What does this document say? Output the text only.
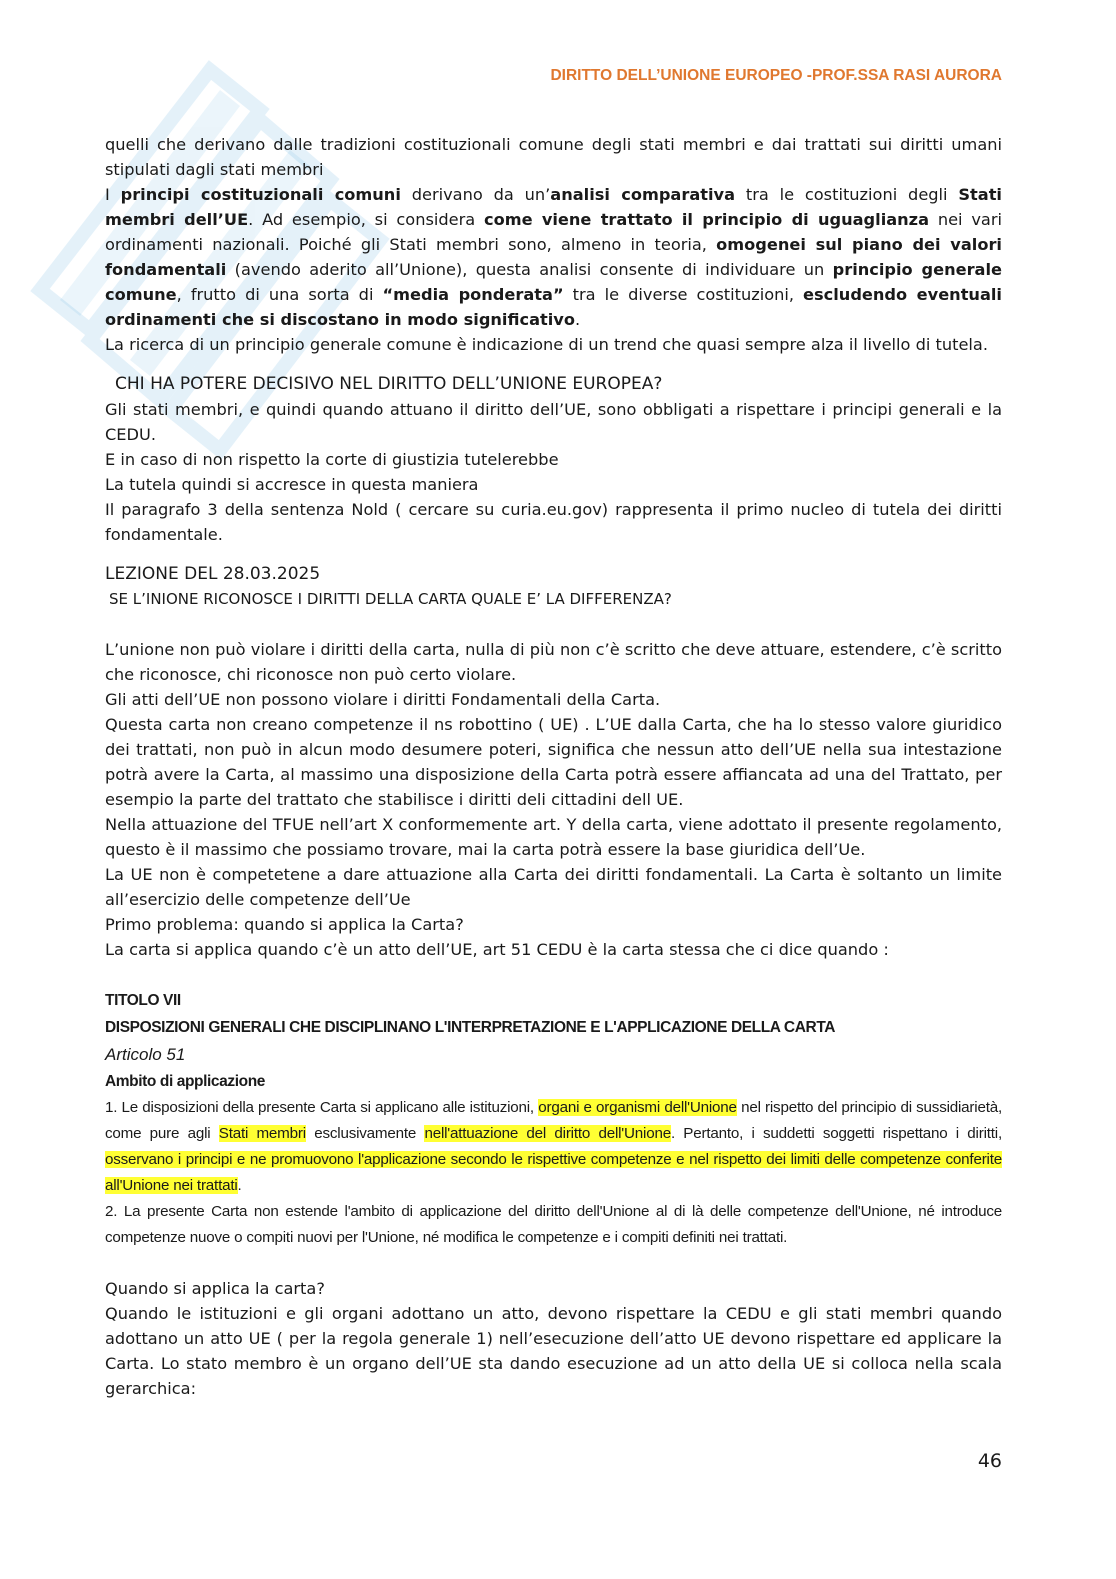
DIRITTO DELL’UNIONE EUROPEO -PROF.SSA RASI AURORA

quelli che derivano dalle tradizioni costituzionali comune degli stati membri e dai trattati sui diritti umani stipulati dagli stati membri

I principi costituzionali comuni derivano da un’analisi comparativa tra le costituzioni degli Stati membri dell’UE. Ad esempio, si considera come viene trattato il principio di uguaglianza nei vari ordinamenti nazionali. Poiché gli Stati membri sono, almeno in teoria, omogenei sul piano dei valori fondamentali (avendo aderito all’Unione), questa analisi consente di individuare un principio generale comune, frutto di una sorta di “media ponderata” tra le diverse costituzioni, escludendo eventuali ordinamenti che si discostano in modo significativo.

La ricerca di un principio generale comune è indicazione di un trend che quasi sempre alza il livello di tutela.

CHI HA POTERE DECISIVO NEL DIRITTO DELL’UNIONE EUROPEA?

Gli stati membri, e quindi quando attuano il diritto dell’UE, sono obbligati a rispettare i principi generali e la CEDU.

E in caso di non rispetto la corte di giustizia tutelerebbe

La tutela quindi si accresce in questa maniera

Il paragrafo 3 della sentenza Nold ( cercare su curia.eu.gov) rappresenta il primo nucleo di tutela dei diritti fondamentale.

LEZIONE DEL 28.03.2025

SE L’INIONE RICONOSCE I DIRITTI DELLA CARTA QUALE E’ LA DIFFERENZA?

L’unione non può violare i diritti della carta, nulla di più non c’è scritto che deve attuare, estendere, c’è scritto che riconosce, chi riconosce non può certo violare.

Gli atti dell’UE non possono violare i diritti Fondamentali della Carta.

Questa carta non creano competenze il ns robottino ( UE) . L’UE dalla Carta, che ha lo stesso valore giuridico dei trattati, non può in alcun modo desumere poteri, significa che nessun atto dell’UE nella sua intestazione potrà avere la Carta, al massimo una disposizione della Carta potrà essere affiancata ad una del Trattato, per esempio la parte del trattato che stabilisce i diritti deli cittadini dell UE.

Nella attuazione del TFUE nell’art X conformemente art. Y della carta, viene adottato il presente regolamento, questo è il massimo che possiamo trovare, mai la carta potrà essere la base giuridica dell’Ue.

La UE non è competetene a dare attuazione alla Carta dei diritti fondamentali. La Carta è soltanto un limite all’esercizio delle competenze dell’Ue

Primo problema: quando si applica la Carta?

La carta si applica quando c’è un atto dell’UE, art 51 CEDU è la carta stessa che ci dice quando :

TITOLO VII

DISPOSIZIONI GENERALI CHE DISCIPLINANO L'INTERPRETAZIONE E L'APPLICAZIONE DELLA CARTA

Articolo 51

Ambito di applicazione

1. Le disposizioni della presente Carta si applicano alle istituzioni, organi e organismi dell'Unione nel rispetto del principio di sussidiarietà, come pure agli Stati membri esclusivamente nell'attuazione del diritto dell'Unione. Pertanto, i suddetti soggetti rispettano i diritti, osservano i principi e ne promuovono l'applicazione secondo le rispettive competenze e nel rispetto dei limiti delle competenze conferite all'Unione nei trattati.

2. La presente Carta non estende l'ambito di applicazione del diritto dell'Unione al di là delle competenze dell'Unione, né introduce competenze nuove o compiti nuovi per l'Unione, né modifica le competenze e i compiti definiti nei trattati.

Quando si applica la carta?

Quando le istituzioni e gli organi adottano un atto, devono rispettare la CEDU e gli stati membri quando adottano un atto UE ( per la regola generale 1) nell’esecuzione dell’atto UE devono rispettare ed applicare la Carta. Lo stato membro è un organo dell’UE sta dando esecuzione ad un atto della UE si colloca nella scala gerarchica:

46
